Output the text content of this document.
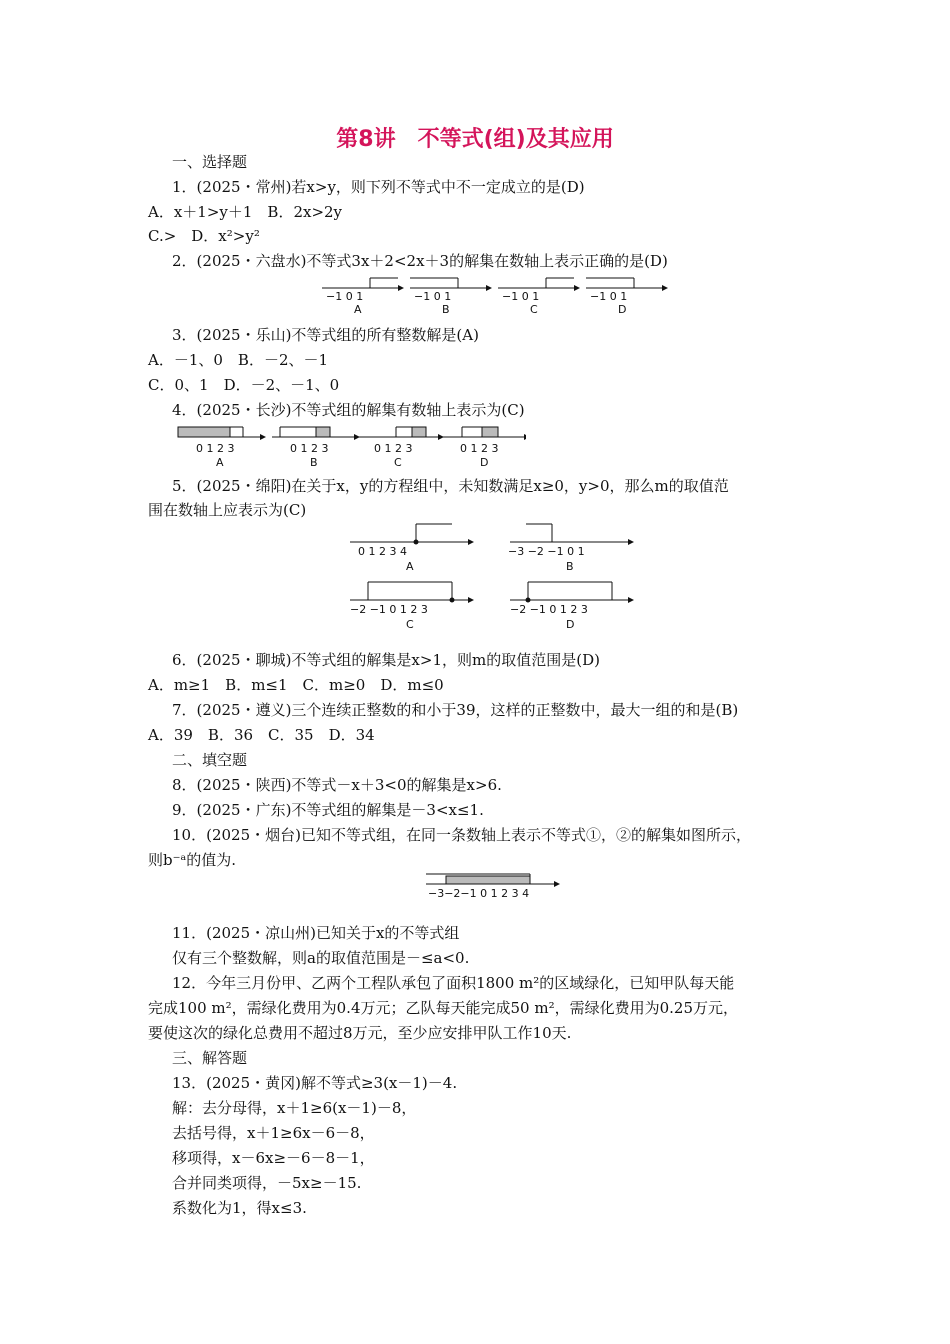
第8讲　不等式(组)及其应用
一、选择题
1．(2025・常州)若x>y，则下列不等式中不一定成立的是(D)
A．x＋1>y＋1　B．2x>2y
C.>　D．x²>y²
2．(2025・六盘水)不等式3x＋2<2x＋3的解集在数轴上表示正确的是(D)
3．(2025・乐山)不等式组的所有整数解是(A)
A．－1、0　B．－2、－1
C．0、1　D．－2、－1、0
4．(2025・长沙)不等式组的解集有数轴上表示为(C)
5．(2025・绵阳)在关于x，y的方程组中，未知数满足x≥0，y>0，那么m的取值范
围在数轴上应表示为(C)
6．(2025・聊城)不等式组的解集是x>1，则m的取值范围是(D)
A．m≥1　B．m≤1　C．m≥0　D．m≤0
7．(2025・遵义)三个连续正整数的和小于39，这样的正整数中，最大一组的和是(B)
A．39　B．36　C．35　D．34
二、填空题
8．(2025・陕西)不等式－x＋3<0的解集是x>6.
9．(2025・广东)不等式组的解集是－3<x≤1.
10．(2025・烟台)已知不等式组，在同一条数轴上表示不等式①，②的解集如图所示，
则b⁻ᵃ的值为.
11．(2025・凉山州)已知关于x的不等式组
仅有三个整数解，则a的取值范围是－≤a<0.
12．今年三月份甲、乙两个工程队承包了面积1800 m²的区域绿化，已知甲队每天能
完成100 m²，需绿化费用为0.4万元；乙队每天能完成50 m²，需绿化费用为0.25万元，
要使这次的绿化总费用不超过8万元，至少应安排甲队工作10天.
三、解答题
13．(2025・黄冈)解不等式≥3(x－1)－4.
解：去分母得，x＋1≥6(x－1)－8，
去括号得，x＋1≥6x－6－8，
移项得，x－6x≥－6－8－1，
合并同类项得，－5x≥－15.
系数化为1，得x≤3.
−1 0 1
A
−1 0 1
B
−1 0 1
C
−1 0 1
D
0 1 2 3
A
0 1 2 3
B
0 1 2 3
C
0 1 2 3
D
0 1 2 3 4
A
−3 −2 −1 0 1
B
−2 −1 0 1 2 3
C
−2 −1 0 1 2 3
D
−3−2−1 0 1 2 3 4
